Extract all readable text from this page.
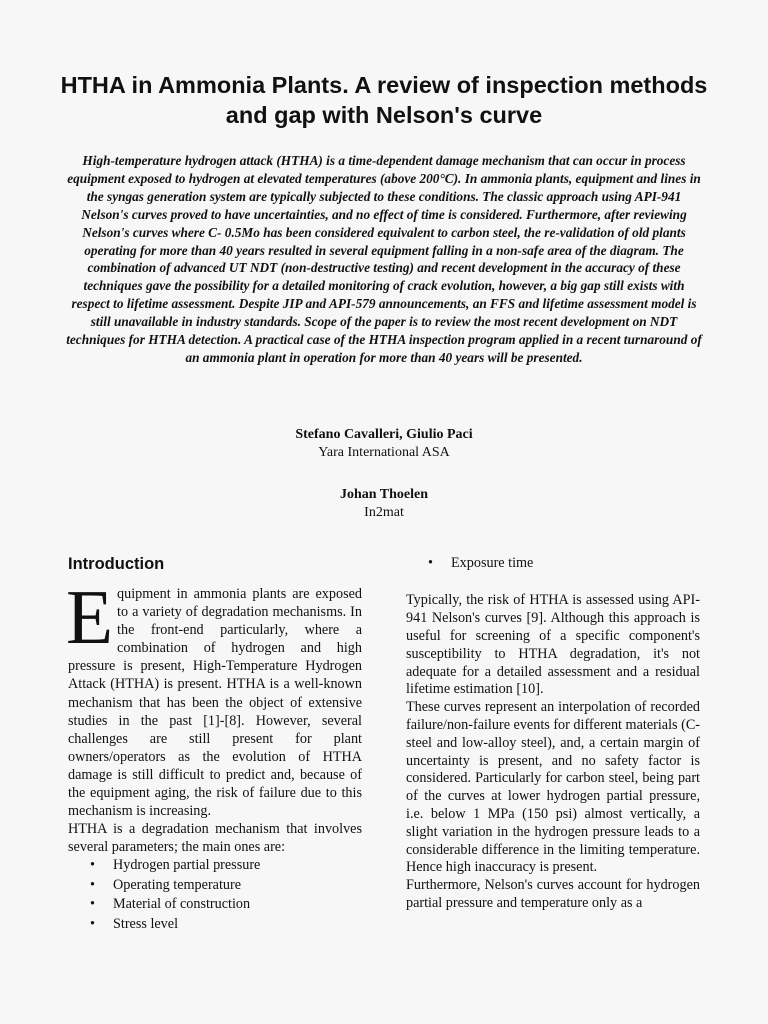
HTHA in Ammonia Plants. A review of inspection methods and gap with Nelson's curve

High-temperature hydrogen attack (HTHA) is a time-dependent damage mechanism that can occur in process equipment exposed to hydrogen at elevated temperatures (above 200°C). In ammonia plants, equipment and lines in the syngas generation system are typically subjected to these conditions. The classic approach using API-941 Nelson's curves proved to have uncertainties, and no effect of time is considered. Furthermore, after reviewing Nelson's curves where C- 0.5Mo has been considered equivalent to carbon steel, the re-validation of old plants operating for more than 40 years resulted in several equipment falling in a non-safe area of the diagram. The combination of advanced UT NDT (non-destructive testing) and recent development in the accuracy of these techniques gave the possibility for a detailed monitoring of crack evolution, however, a big gap still exists with respect to lifetime assessment. Despite JIP and API-579 announcements, an FFS and lifetime assessment model is still unavailable in industry standards. Scope of the paper is to review the most recent development on NDT techniques for HTHA detection. A practical case of the HTHA inspection program applied in a recent turnaround of an ammonia plant in operation for more than 40 years will be presented.

Stefano Cavalleri, Giulio Paci

Yara International ASA

Johan Thoelen

In2mat

Introduction

Equipment in ammonia plants are exposed to a variety of degradation mechanisms. In the front-end particularly, where a combination of hydrogen and high pressure is present, High-Temperature Hydrogen Attack (HTHA) is present. HTHA is a well-known mechanism that has been the object of extensive studies in the past [1]-[8]. However, several challenges are still present for plant owners/operators as the evolution of HTHA damage is still difficult to predict and, because of the equipment aging, the risk of failure due to this mechanism is increasing.

HTHA is a degradation mechanism that involves several parameters; the main ones are:

• Hydrogen partial pressure
• Operating temperature
• Material of construction
• Stress level
• Exposure time

Typically, the risk of HTHA is assessed using API-941 Nelson's curves [9]. Although this approach is useful for screening of a specific component's susceptibility to HTHA degradation, it's not adequate for a detailed assessment and a residual lifetime estimation [10].

These curves represent an interpolation of recorded failure/non-failure events for different materials (C-steel and low-alloy steel), and, a certain margin of uncertainty is present, and no safety factor is considered. Particularly for carbon steel, being part of the curves at lower hydrogen partial pressure, i.e. below 1 MPa (150 psi) almost vertically, a slight variation in the hydrogen pressure leads to a considerable difference in the limiting temperature. Hence high inaccuracy is present.

Furthermore, Nelson's curves account for hydrogen partial pressure and temperature only as a
